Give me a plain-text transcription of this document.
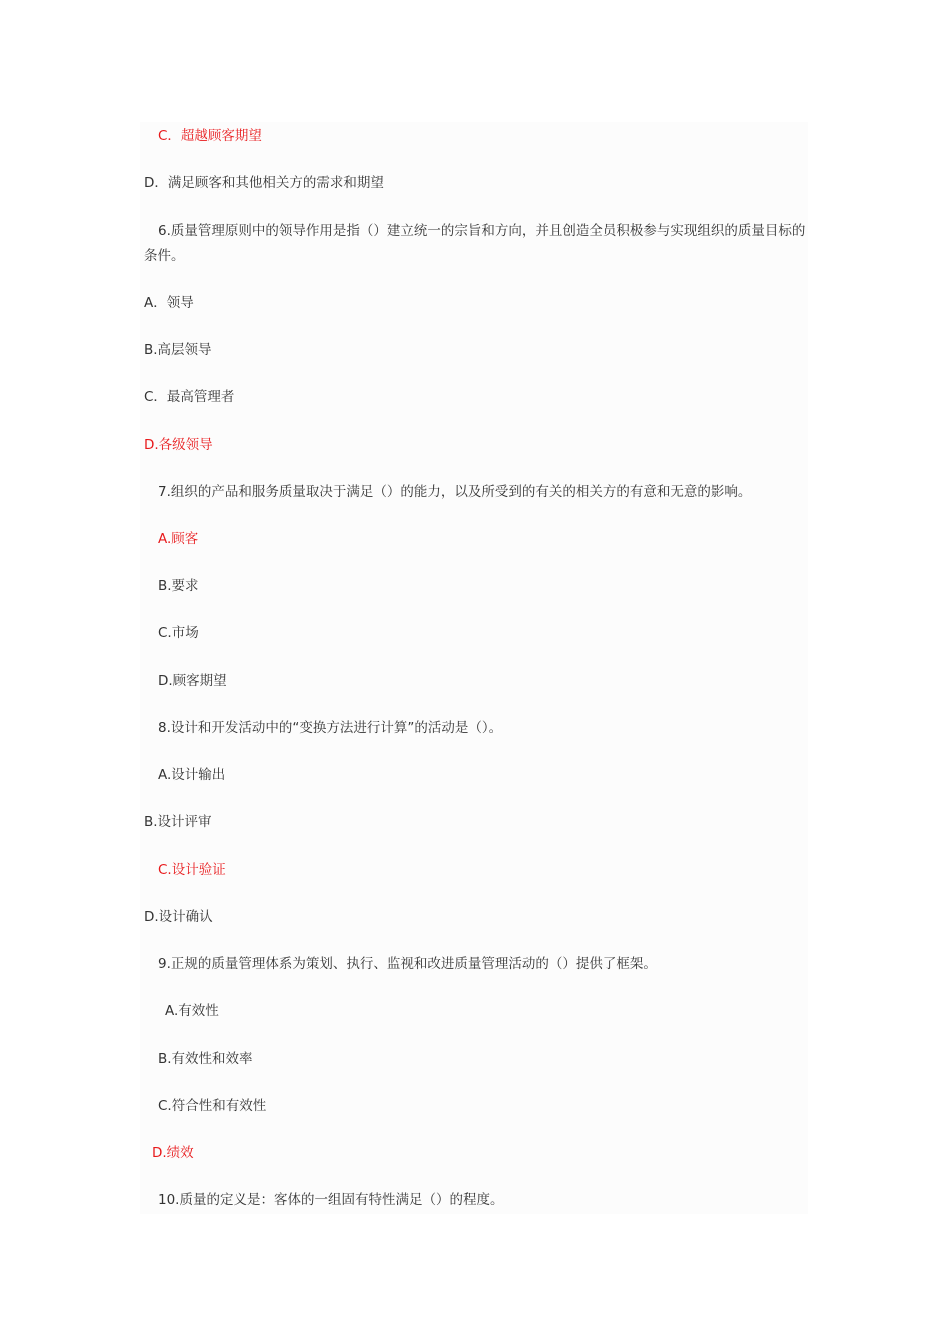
C．超越顾客期望
D．满足顾客和其他相关方的需求和期望
6.质量管理原则中的领导作用是指（）建立统一的宗旨和方向，并且创造全员积极参与实现组织的质量目标的条件。
A．领导
B.高层领导
C．最高管理者
D.各级领导
7.组织的产品和服务质量取决于满足（）的能力，以及所受到的有关的相关方的有意和无意的影响。
A.顾客
B.要求
C.市场
D.顾客期望
8.设计和开发活动中的“变换方法进行计算”的活动是（）。
A.设计输出
B.设计评审
C.设计验证
D.设计确认
9.正规的质量管理体系为策划、执行、监视和改进质量管理活动的（）提供了框架。
A.有效性
B.有效性和效率
C.符合性和有效性
D.绩效
10.质量的定义是：客体的一组固有特性满足（）的程度。
